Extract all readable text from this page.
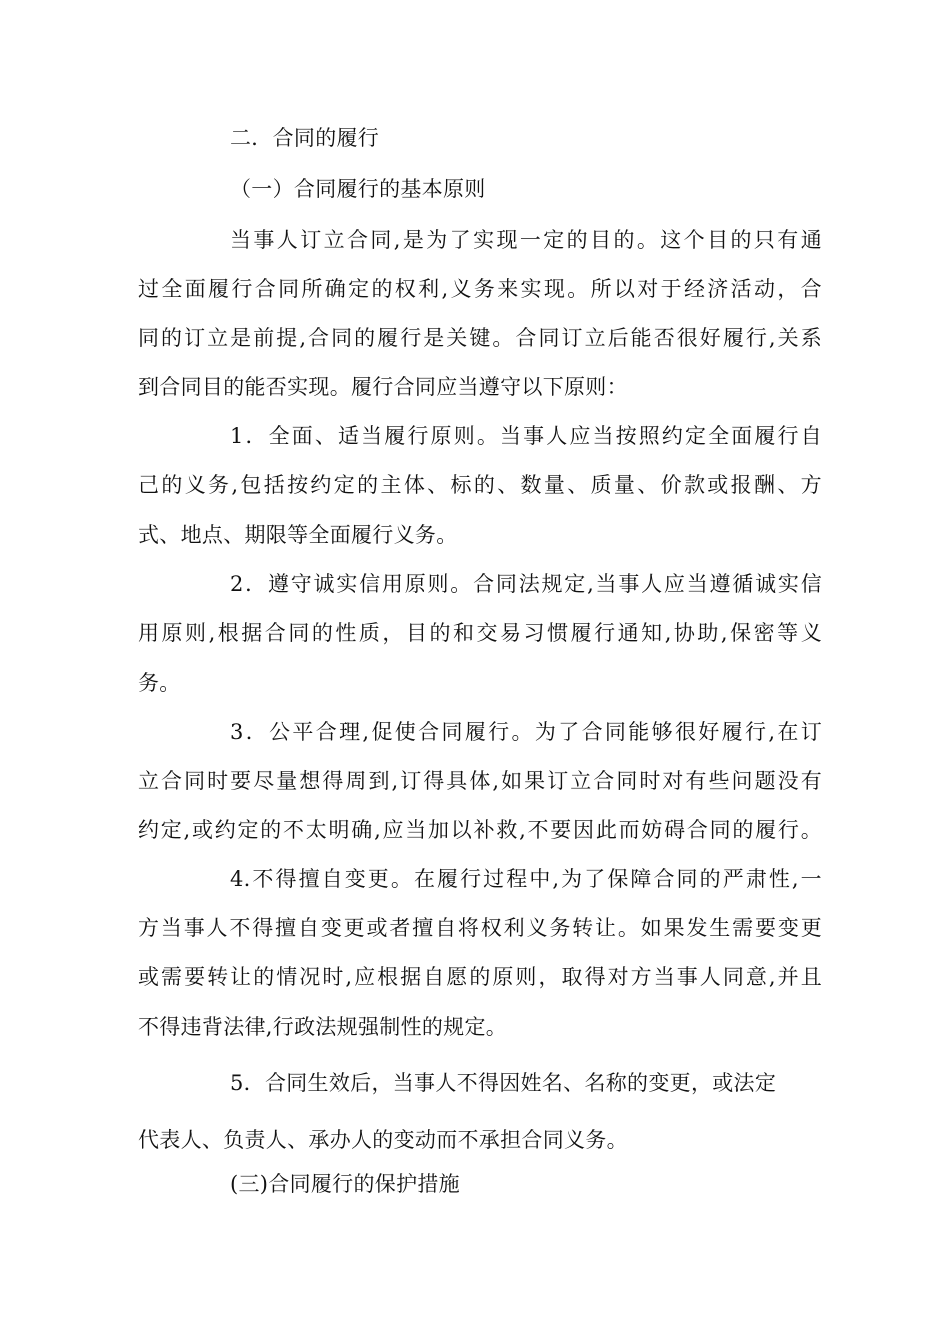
二．合同的履行
（一）合同履行的基本原则
当事人订立合同,是为了实现一定的目的。这个目的只有通
过全面履行合同所确定的权利,义务来实现。所以对于经济活动，合
同的订立是前提,合同的履行是关键。合同订立后能否很好履行,关系
到合同目的能否实现。履行合同应当遵守以下原则：
1．全面、适当履行原则。当事人应当按照约定全面履行自
己的义务,包括按约定的主体、标的、数量、质量、价款或报酬、方
式、地点、期限等全面履行义务。
2．遵守诚实信用原则。合同法规定,当事人应当遵循诚实信
用原则,根据合同的性质，目的和交易习惯履行通知,协助,保密等义
务。
3．公平合理,促使合同履行。为了合同能够很好履行,在订
立合同时要尽量想得周到,订得具体,如果订立合同时对有些问题没有
约定,或约定的不太明确,应当加以补救,不要因此而妨碍合同的履行。
4.不得擅自变更。在履行过程中,为了保障合同的严肃性,一
方当事人不得擅自变更或者擅自将权利义务转让。如果发生需要变更
或需要转让的情况时,应根据自愿的原则，取得对方当事人同意,并且
不得违背法律,行政法规强制性的规定。
5．合同生效后，当事人不得因姓名、名称的变更，或法定
代表人、负责人、承办人的变动而不承担合同义务。
(三)合同履行的保护措施
